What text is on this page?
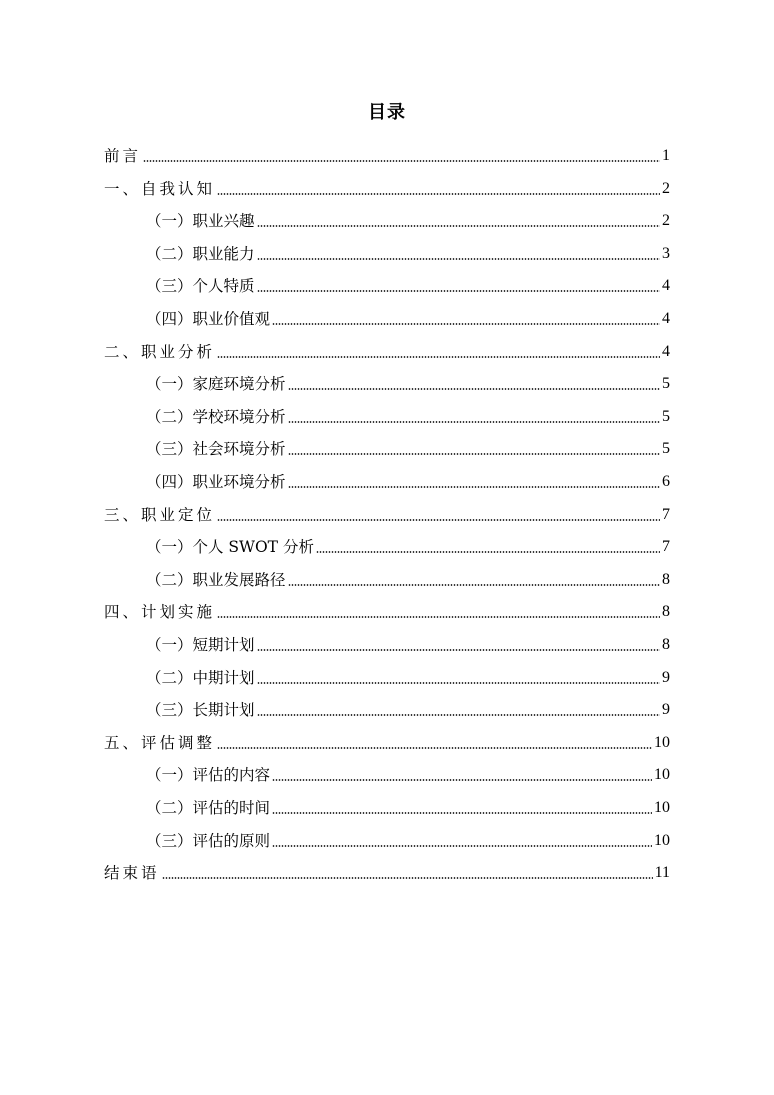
目录
前言	1
一、自我认知	2
（一）职业兴趣	2
（二）职业能力	3
（三）个人特质	4
（四）职业价值观	4
二、职业分析	4
（一）家庭环境分析	5
（二）学校环境分析	5
（三）社会环境分析	5
（四）职业环境分析	6
三、职业定位	7
（一）个人 SWOT 分析	7
（二）职业发展路径	8
四、计划实施	8
（一）短期计划	8
（二）中期计划	9
（三）长期计划	9
五、评估调整	10
（一）评估的内容	10
（二）评估的时间	10
（三）评估的原则	10
结束语	11
